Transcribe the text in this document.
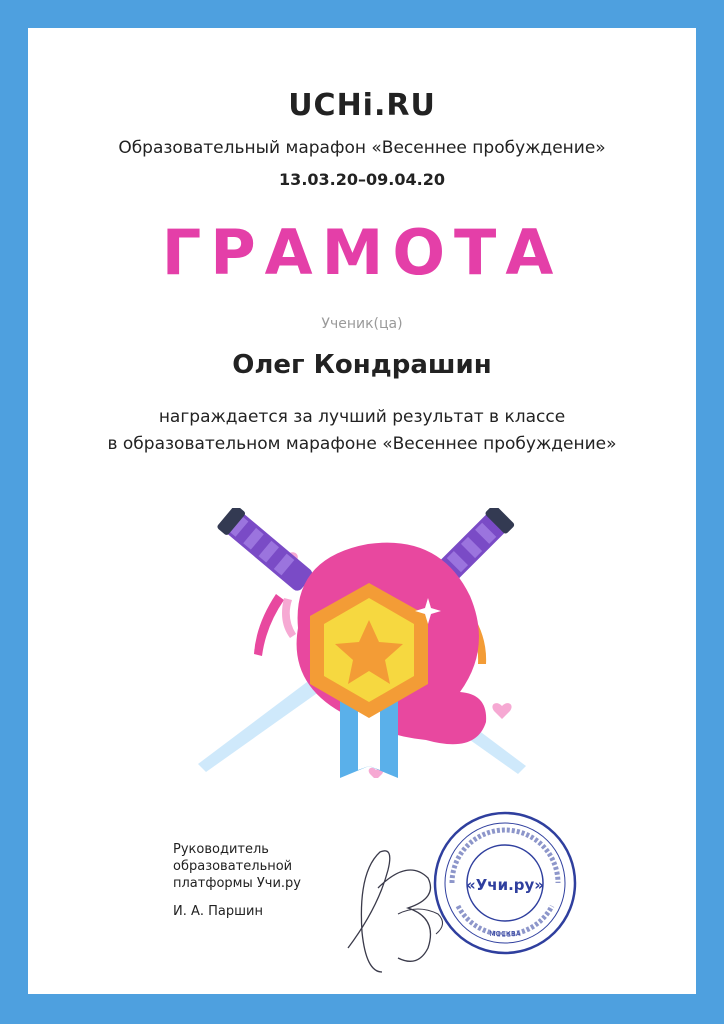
UCHi.RU
Образовательный марафон «Весеннее пробуждение»
13.03.20–09.04.20
ГРАМОТА
Ученик(ца)
Олег Кондрашин
награждается за лучший результат в классе
в образовательном марафоне «Весеннее пробуждение»
Руководитель
образовательной
платформы Учи.ру
И. А. Паршин
«Учи.ру»
МОСКВА
